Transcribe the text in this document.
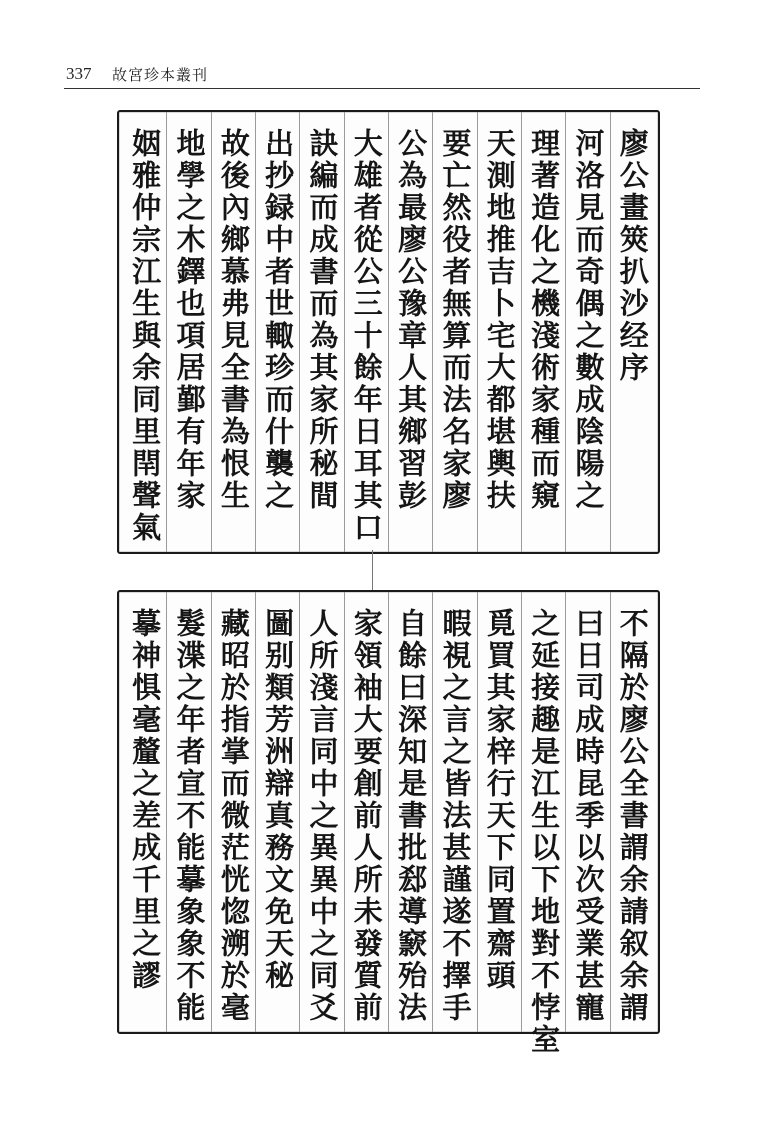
337 故宮珍本叢刊
廖公畫筴扒沙经序
河洛見而奇偶之數成陰陽之
理著造化之機淺術家種而窺
天測地推吉卜宅大都堪輿扶
要亡然役者無算而法名家廖
公為最廖公豫章人其鄉習彭
大雄者從公三十餘年日耳其口
訣編而成書而為其家所秘間
出抄録中者世輙珍而什襲之
故後內鄉慕弗見全書為恨生
地學之木鐸也項居鄞有年家
姻雅仲宗江生與余同里閈聲氣
不隔於廖公全書謂余請叙余謂
曰日司成時昆季以次受業甚寵
之延接趣是江生以下地對不悖室
覓買其家梓行天下同置齋頭
暇視之言之皆法甚謹遂不擇手
自餘曰深知是書批郄導窾殆法
家領袖大要創前人所未發質前
人所淺言同中之異異中之同爻
圖别類芳洲辯真務文免天秘
藏昭於指掌而微茫恍惚溯於毫
髮渫之年者宣不能摹象象不能
摹神惧毫釐之差成千里之謬
